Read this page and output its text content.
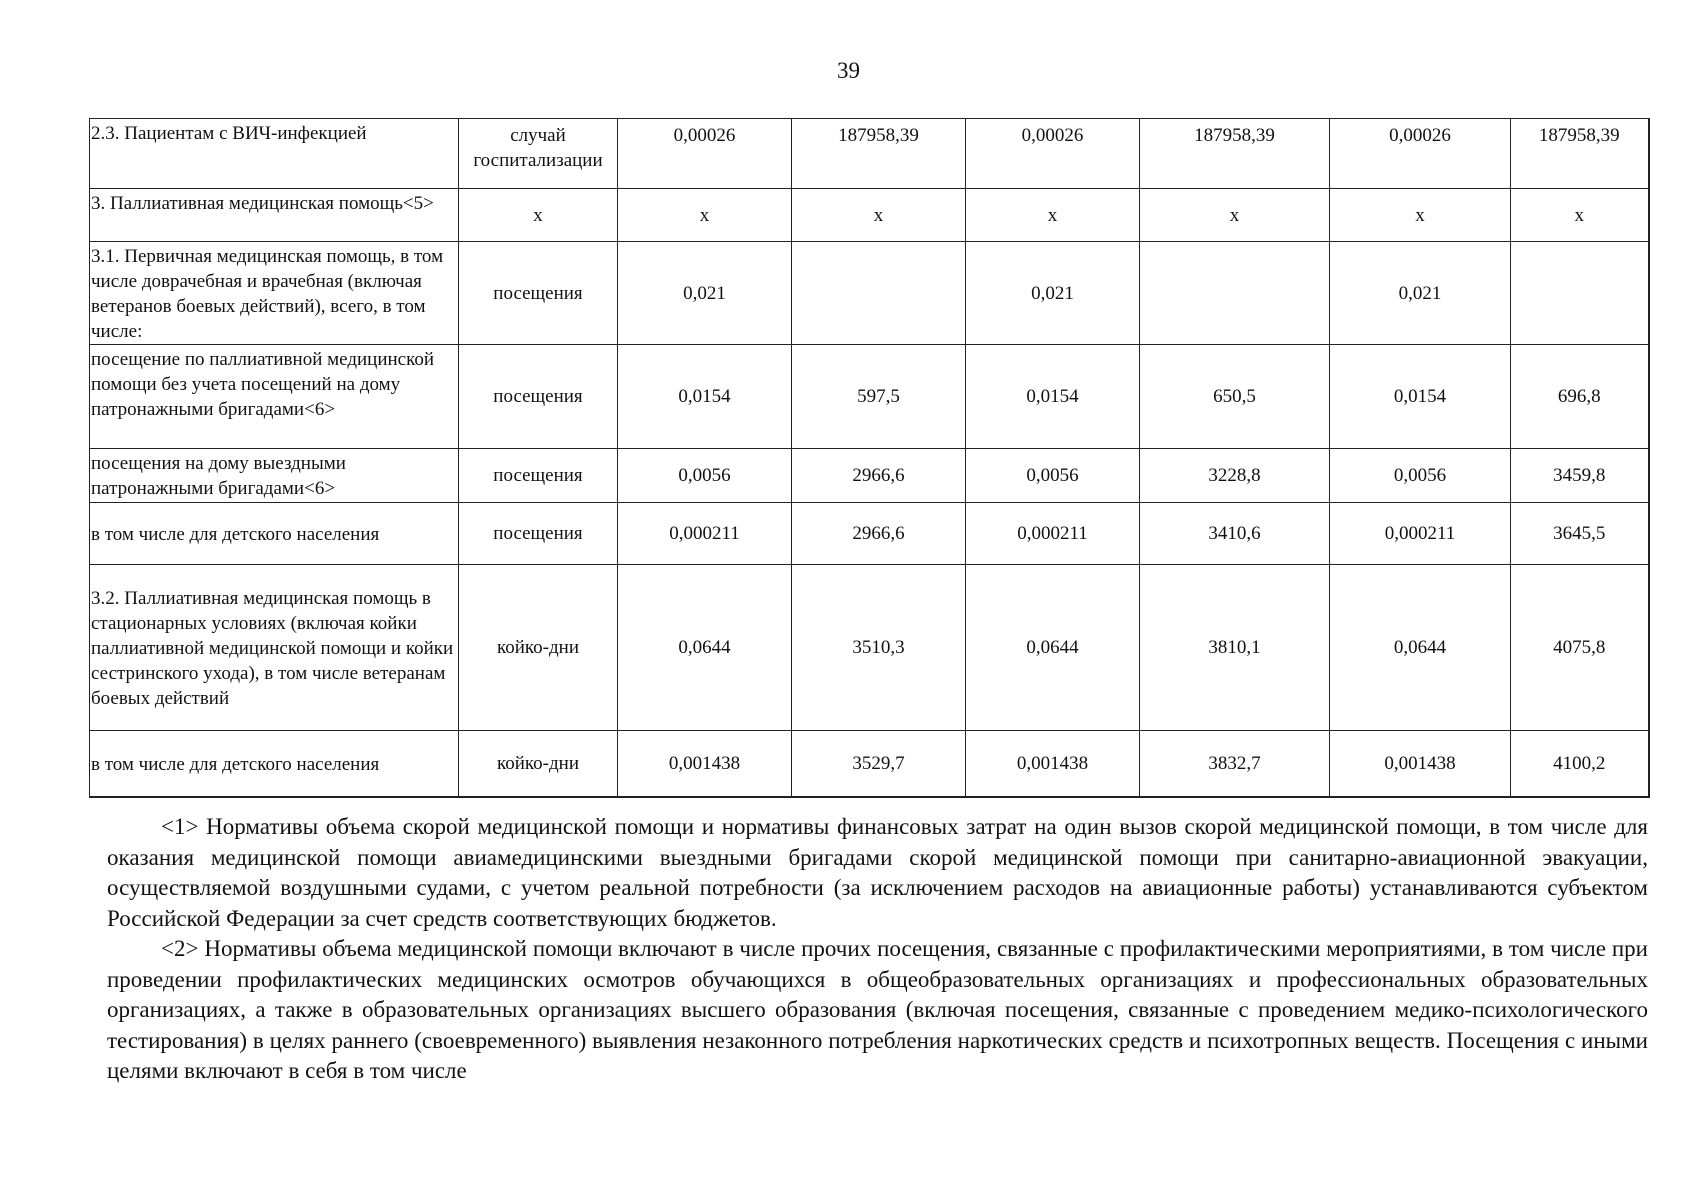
39
2.3. Пациентам с ВИЧ-инфекцией	случай госпитализации	0,00026	187958,39	0,00026	187958,39	0,00026	187958,39
3. Паллиативная медицинская помощь<5>	х	х	х	х	х	х	х
3.1. Первичная медицинская помощь, в том числе доврачебная и врачебная (включая ветеранов боевых действий), всего, в том числе:	посещения	0,021		0,021		0,021	
посещение по паллиативной медицинской помощи без учета посещений на дому патронажными бригадами<6>	посещения	0,0154	597,5	0,0154	650,5	0,0154	696,8
посещения на дому выездными патронажными бригадами<6>	посещения	0,0056	2966,6	0,0056	3228,8	0,0056	3459,8
в том числе для детского населения	посещения	0,000211	2966,6	0,000211	3410,6	0,000211	3645,5
3.2. Паллиативная медицинская помощь в стационарных условиях (включая койки паллиативной медицинской помощи и койки сестринского ухода), в том числе ветеранам боевых действий	койко-дни	0,0644	3510,3	0,0644	3810,1	0,0644	4075,8
в том числе для детского населения	койко-дни	0,001438	3529,7	0,001438	3832,7	0,001438	4100,2

<1> Нормативы объема скорой медицинской помощи и нормативы финансовых затрат на один вызов скорой медицинской помощи, в том числе для оказания медицинской помощи авиамедицинскими выездными бригадами скорой медицинской помощи при санитарно-авиационной эвакуации, осуществляемой воздушными судами, с учетом реальной потребности (за исключением расходов на авиационные работы) устанавливаются субъектом Российской Федерации за счет средств соответствующих бюджетов.

<2> Нормативы объема медицинской помощи включают в числе прочих посещения, связанные с профилактическими мероприятиями, в том числе при проведении профилактических медицинских осмотров обучающихся в общеобразовательных организациях и профессиональных образовательных организациях, а также в образовательных организациях высшего образования (включая посещения, связанные с проведением медико-психологического тестирования) в целях раннего (своевременного) выявления незаконного потребления наркотических средств и психотропных веществ. Посещения с иными целями включают в себя в том числе
